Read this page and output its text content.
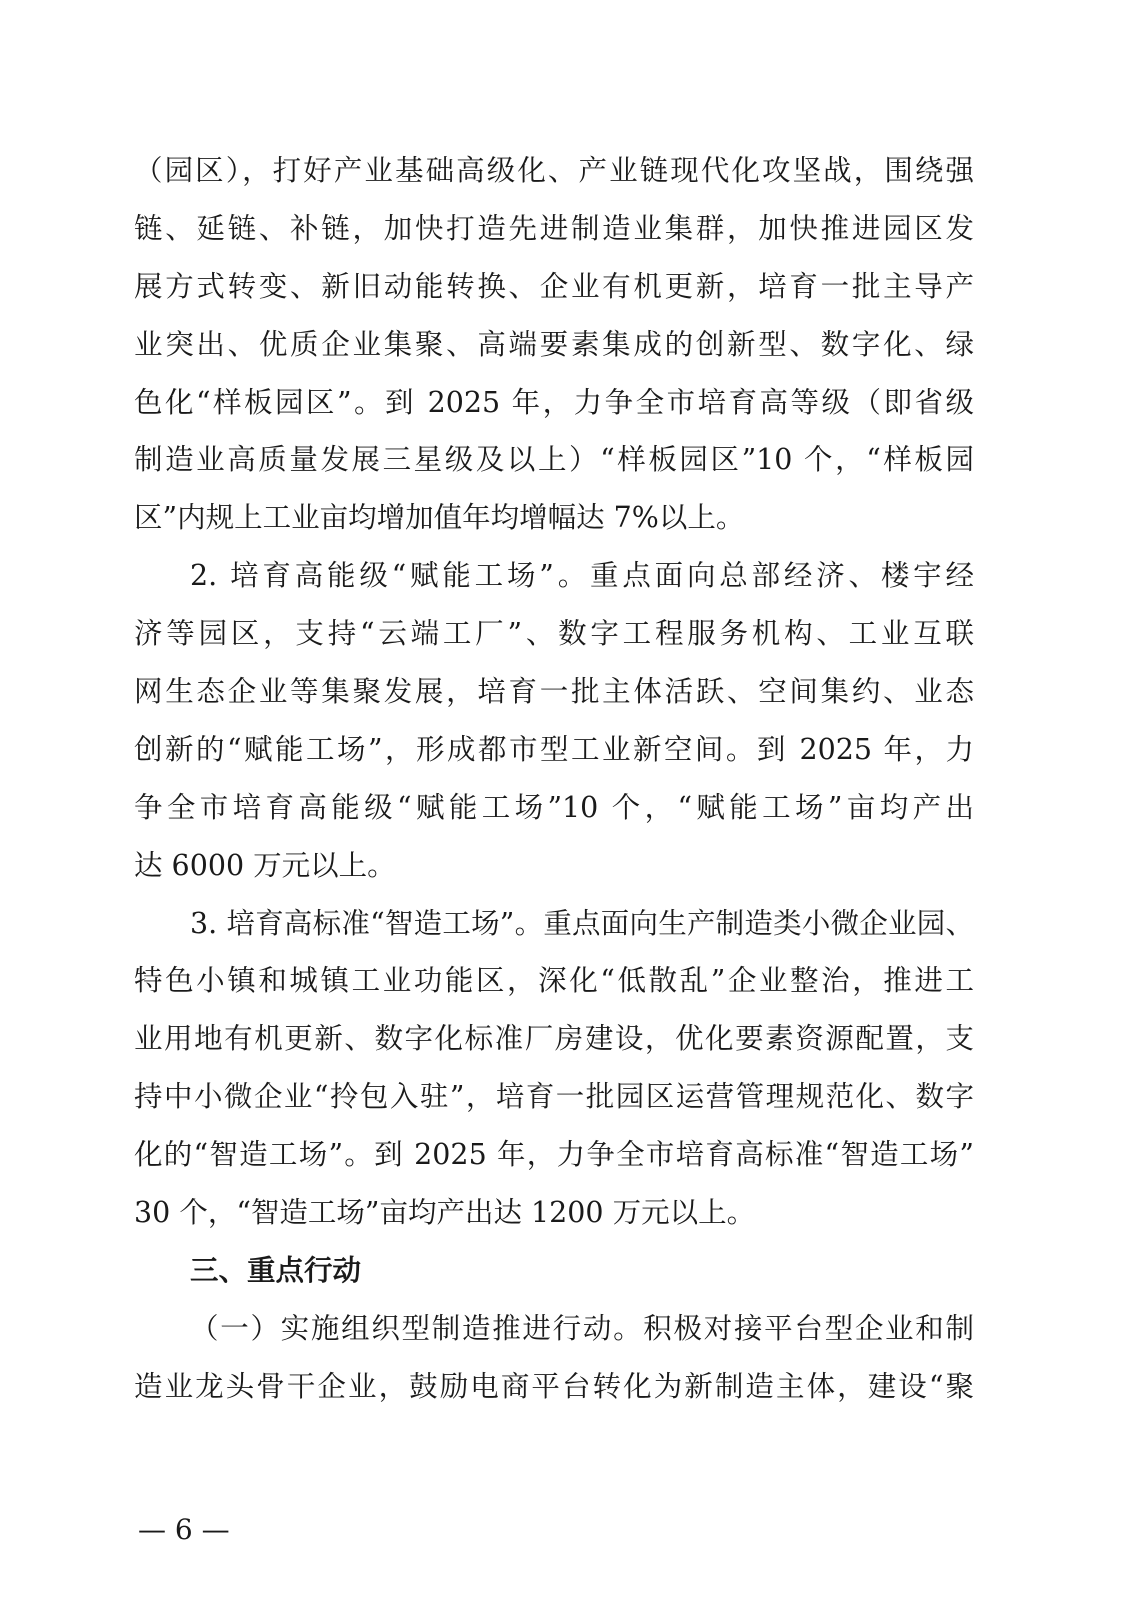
（园区），打好产业基础高级化、产业链现代化攻坚战，围绕强
链、延链、补链，加快打造先进制造业集群，加快推进园区发
展方式转变、新旧动能转换、企业有机更新，培育一批主导产
业突出、优质企业集聚、高端要素集成的创新型、数字化、绿
色化“样板园区”。到 2025 年，力争全市培育高等级（即省级
制造业高质量发展三星级及以上）“样板园区”10 个，“样板园
区”内规上工业亩均增加值年均增幅达 7%以上。
2. 培育高能级“赋能工场”。重点面向总部经济、楼宇经
济等园区，支持“云端工厂”、数字工程服务机构、工业互联
网生态企业等集聚发展，培育一批主体活跃、空间集约、业态
创新的“赋能工场”，形成都市型工业新空间。到 2025 年，力
争全市培育高能级“赋能工场”10 个，“赋能工场”亩均产出
达 6000 万元以上。
3. 培育高标准“智造工场”。重点面向生产制造类小微企业园、
特色小镇和城镇工业功能区，深化“低散乱”企业整治，推进工
业用地有机更新、数字化标准厂房建设，优化要素资源配置，支
持中小微企业“拎包入驻”，培育一批园区运营管理规范化、数字
化的“智造工场”。到 2025 年，力争全市培育高标准“智造工场”
30 个，“智造工场”亩均产出达 1200 万元以上。
三、重点行动
（一）实施组织型制造推进行动。积极对接平台型企业和制
造业龙头骨干企业，鼓励电商平台转化为新制造主体，建设“聚
— 6 —
